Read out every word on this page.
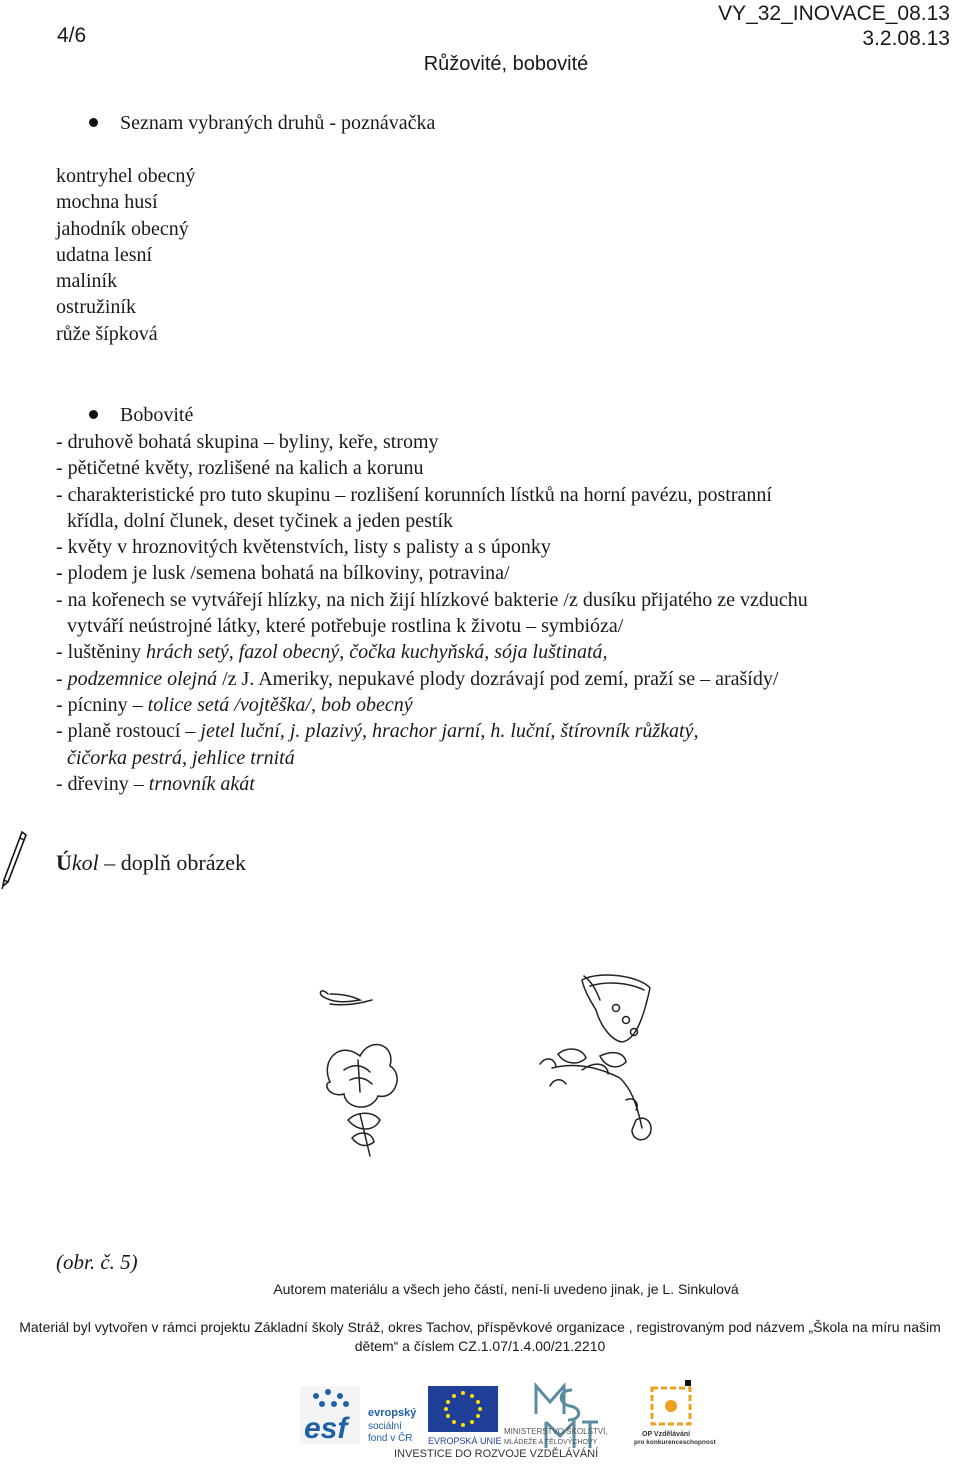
4/6
VY_32_INOVACE_08.13
3.2.08.13
Růžovité, bobovité
Seznam vybraných druhů - poznávačka
kontryhel obecný
mochna husí
jahodník obecný
udatna lesní
maliník
ostružiník
růže šípková
Bobovité
- druhově bohatá skupina – byliny, keře, stromy
- pětičetné květy, rozlišené na kalich a korunu
- charakteristické pro tuto skupinu – rozlišení korunních lístků na horní pavézu, postranní
křídla, dolní člunek, deset tyčinek a jeden pestík
- květy v hroznovitých květenstvích, listy s palisty a s úponky
- plodem je lusk /semena bohatá na bílkoviny, potravina/
- na kořenech se vytvářejí hlízky, na nich žijí hlízkové bakterie /z dusíku přijatého ze vzduchu
vytváří neústrojné látky, které potřebuje rostlina k životu – symbióza/
- luštěniny hrách setý, fazol obecný, čočka kuchyňská, sója luštinatá,
- podzemnice olejná /z J. Ameriky, nepukavé plody dozrávají pod zemí, praží se – arašídy/
- pícniny – tolice setá /vojtěška/, bob obecný
- planě rostoucí – jetel luční, j. plazivý, hrachor jarní, h. luční, štírovník růžkatý,
čičorka pestrá, jehlice trnitá
- dřeviny – trnovník akát
Úkol – doplň obrázek
(obr. č. 5)
Autorem materiálu a všech jeho částí, není-li uvedeno jinak, je L. Sinkulová
Materiál byl vytvořen v rámci projektu Základní školy Stráž, okres Tachov, příspěvkové organizace , registrovaným pod názvem „Škola na míru našim dětem“ a číslem CZ.1.07/1.4.00/21.2210
esf evropský
sociální
fond v ČR EVROPSKÁ UNIE
MINISTERSTVO ŠKOLSTVÍ,
MLÁDEŽE A TĚLOVÝCHOVY
OP Vzdělávání
pro konkurenceschopnost
INVESTICE DO ROZVOJE VZDĚLÁVÁNÍ
